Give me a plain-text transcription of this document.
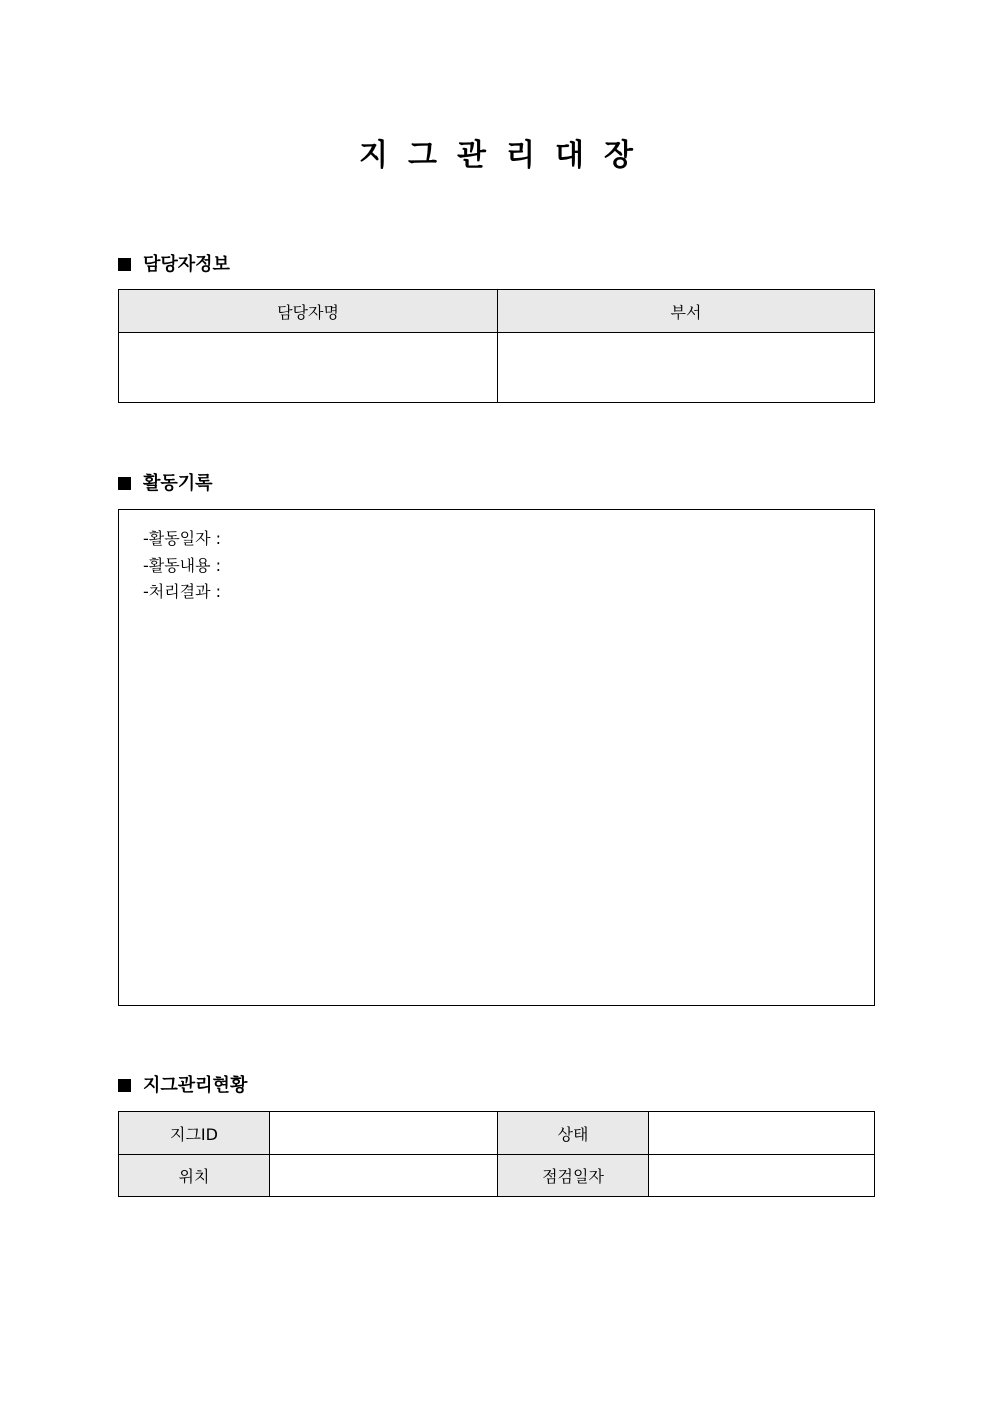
지그관리대장
담당자정보
담당자명	부서

활동기록
-활동일자 :
-활동내용 :
-처리결과 :
지그관리현황
지그ID		상태	
위치		점검일자	
